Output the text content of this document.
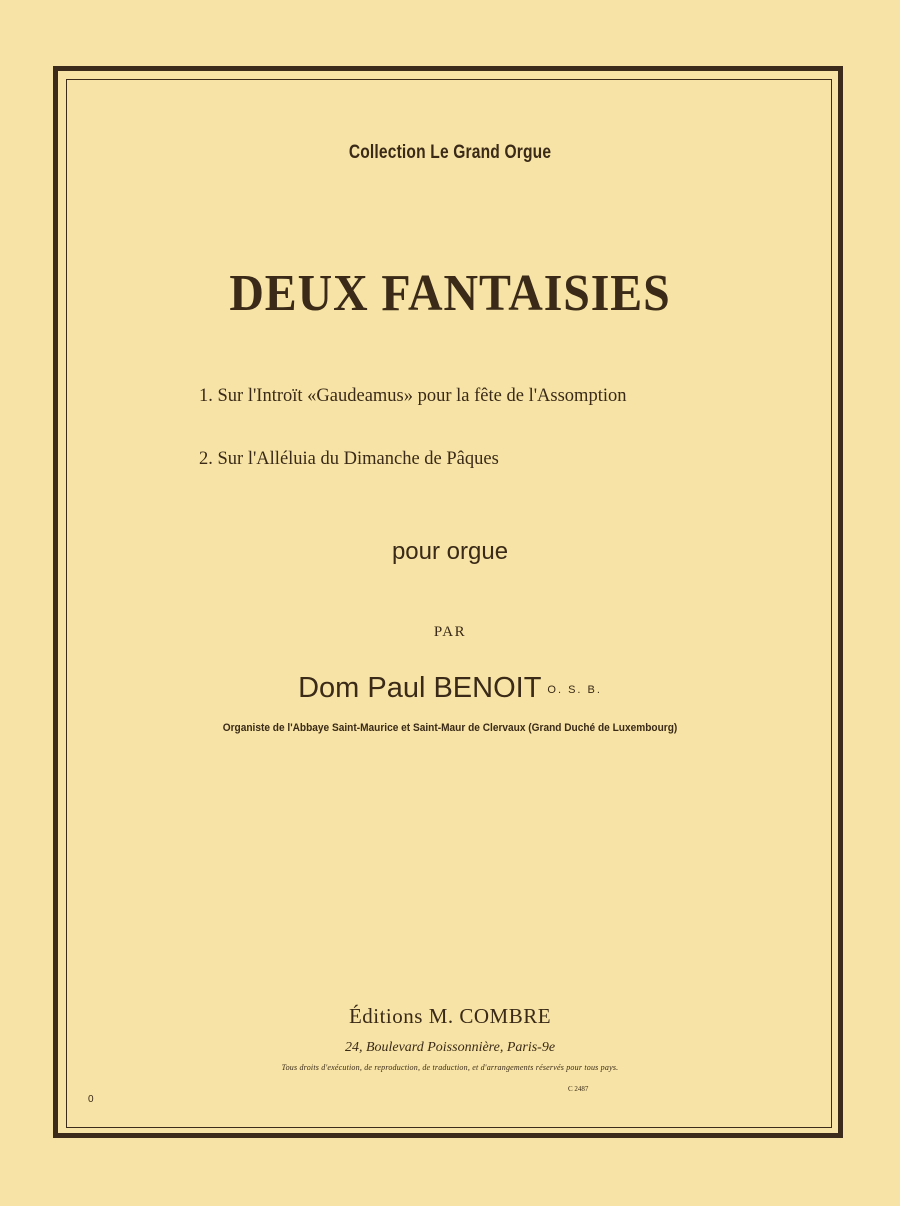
Collection Le Grand Orgue
DEUX FANTAISIES
1. Sur l'Introït «Gaudeamus» pour la fête de l'Assomption
2. Sur l'Alléluia du Dimanche de Pâques
pour orgue
PAR
Dom Paul BENOIT O. S. B.
Organiste de l'Abbaye Saint-Maurice et Saint-Maur de Clervaux (Grand Duché de Luxembourg)
Éditions M. COMBRE
24, Boulevard Poissonnière, Paris-9e
Tous droits d'exécution, de reproduction, de traduction, et d'arrangements réservés pour tous pays.
C 2487
0
